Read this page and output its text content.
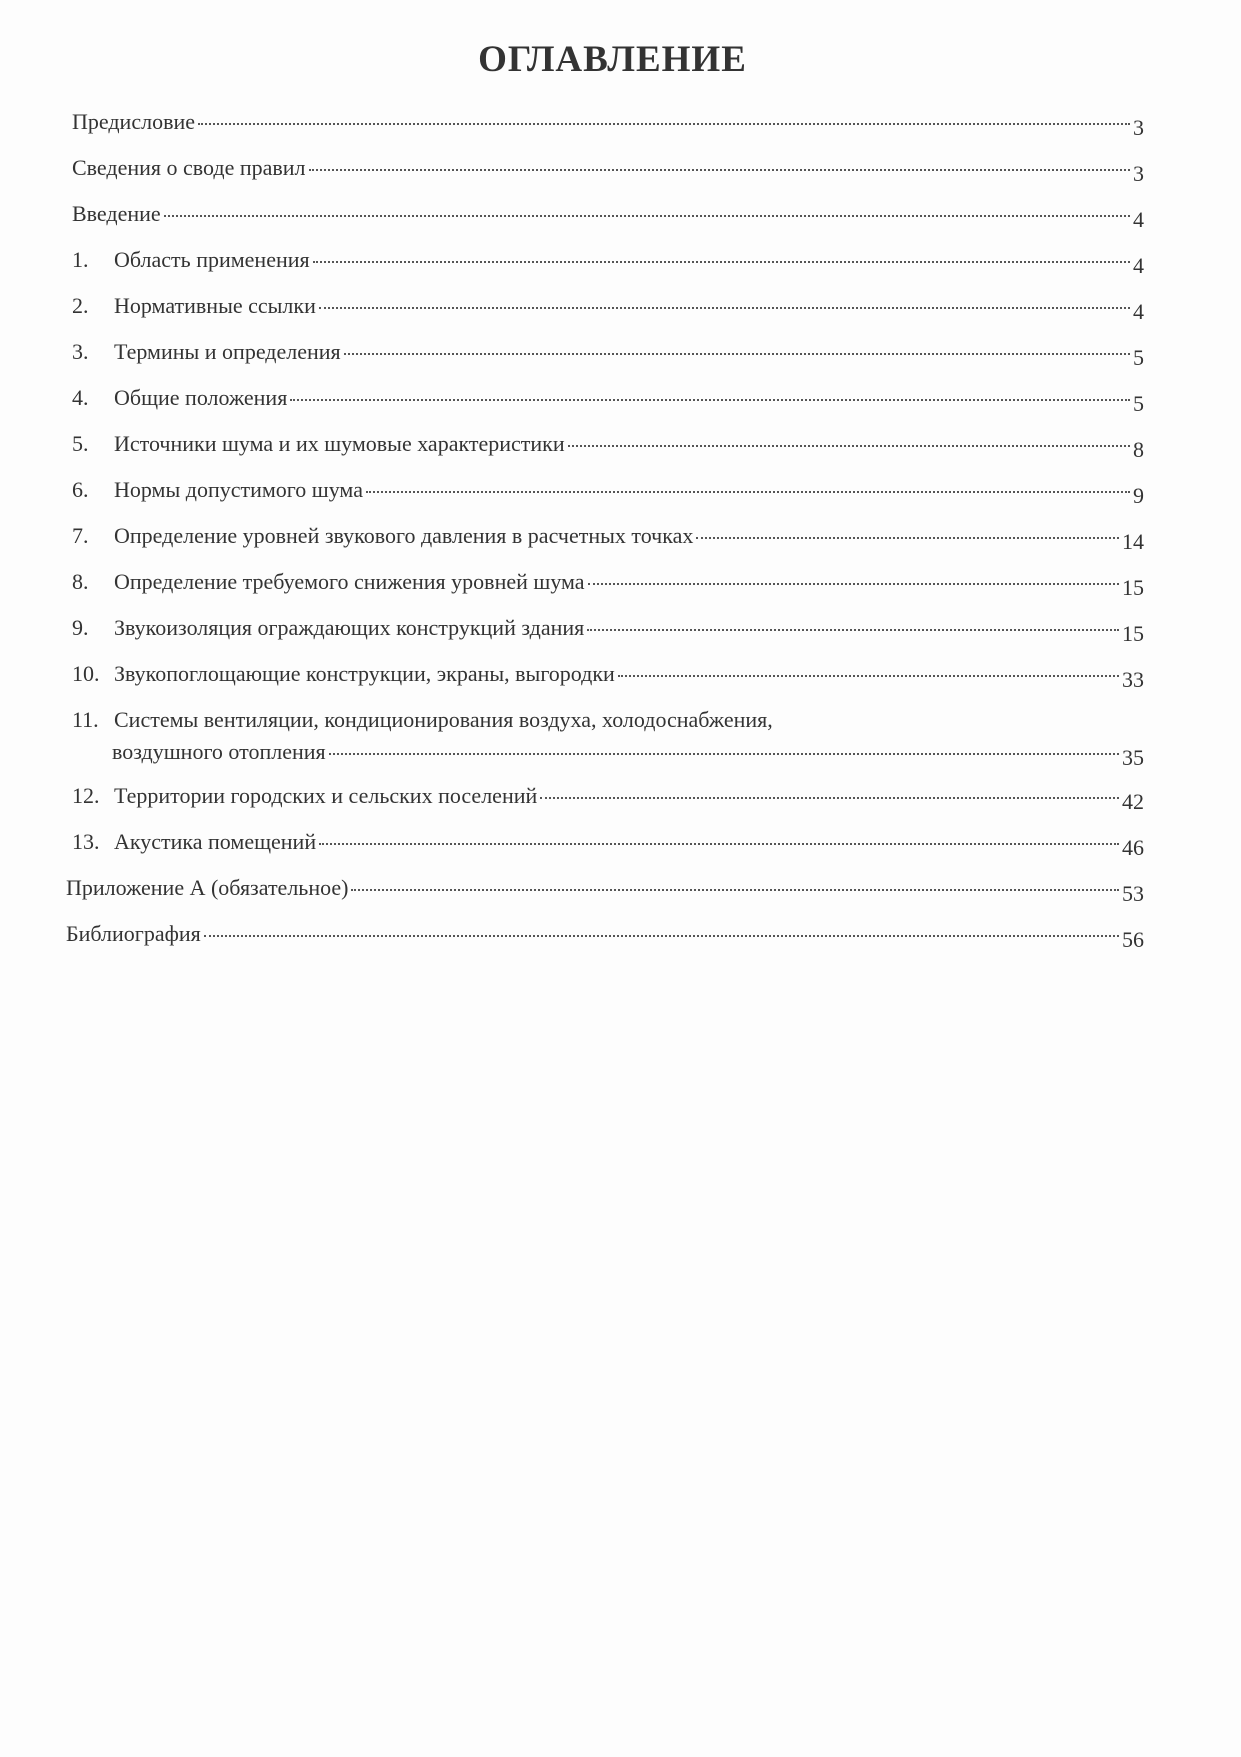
ОГЛАВЛЕНИЕ
Предисловие	3
Сведения о своде правил	3
Введение	4
1.	Область применения	4
2.	Нормативные ссылки	4
3.	Термины и определения	5
4.	Общие положения	5
5.	Источники шума и их шумовые характеристики	8
6.	Нормы допустимого шума	9
7.	Определение уровней звукового давления в расчетных точках	14
8.	Определение требуемого снижения уровней шума	15
9.	Звукоизоляция ограждающих конструкций здания	15
10. Звукопоглощающие конструкции, экраны, выгородки	33
11. Системы вентиляции, кондиционирования воздуха, холодоснабжения,
воздушного отопления	35
12. Территории городских и сельских поселений	42
13. Акустика помещений	46
Приложение А (обязательное)	53
Библиография	56
